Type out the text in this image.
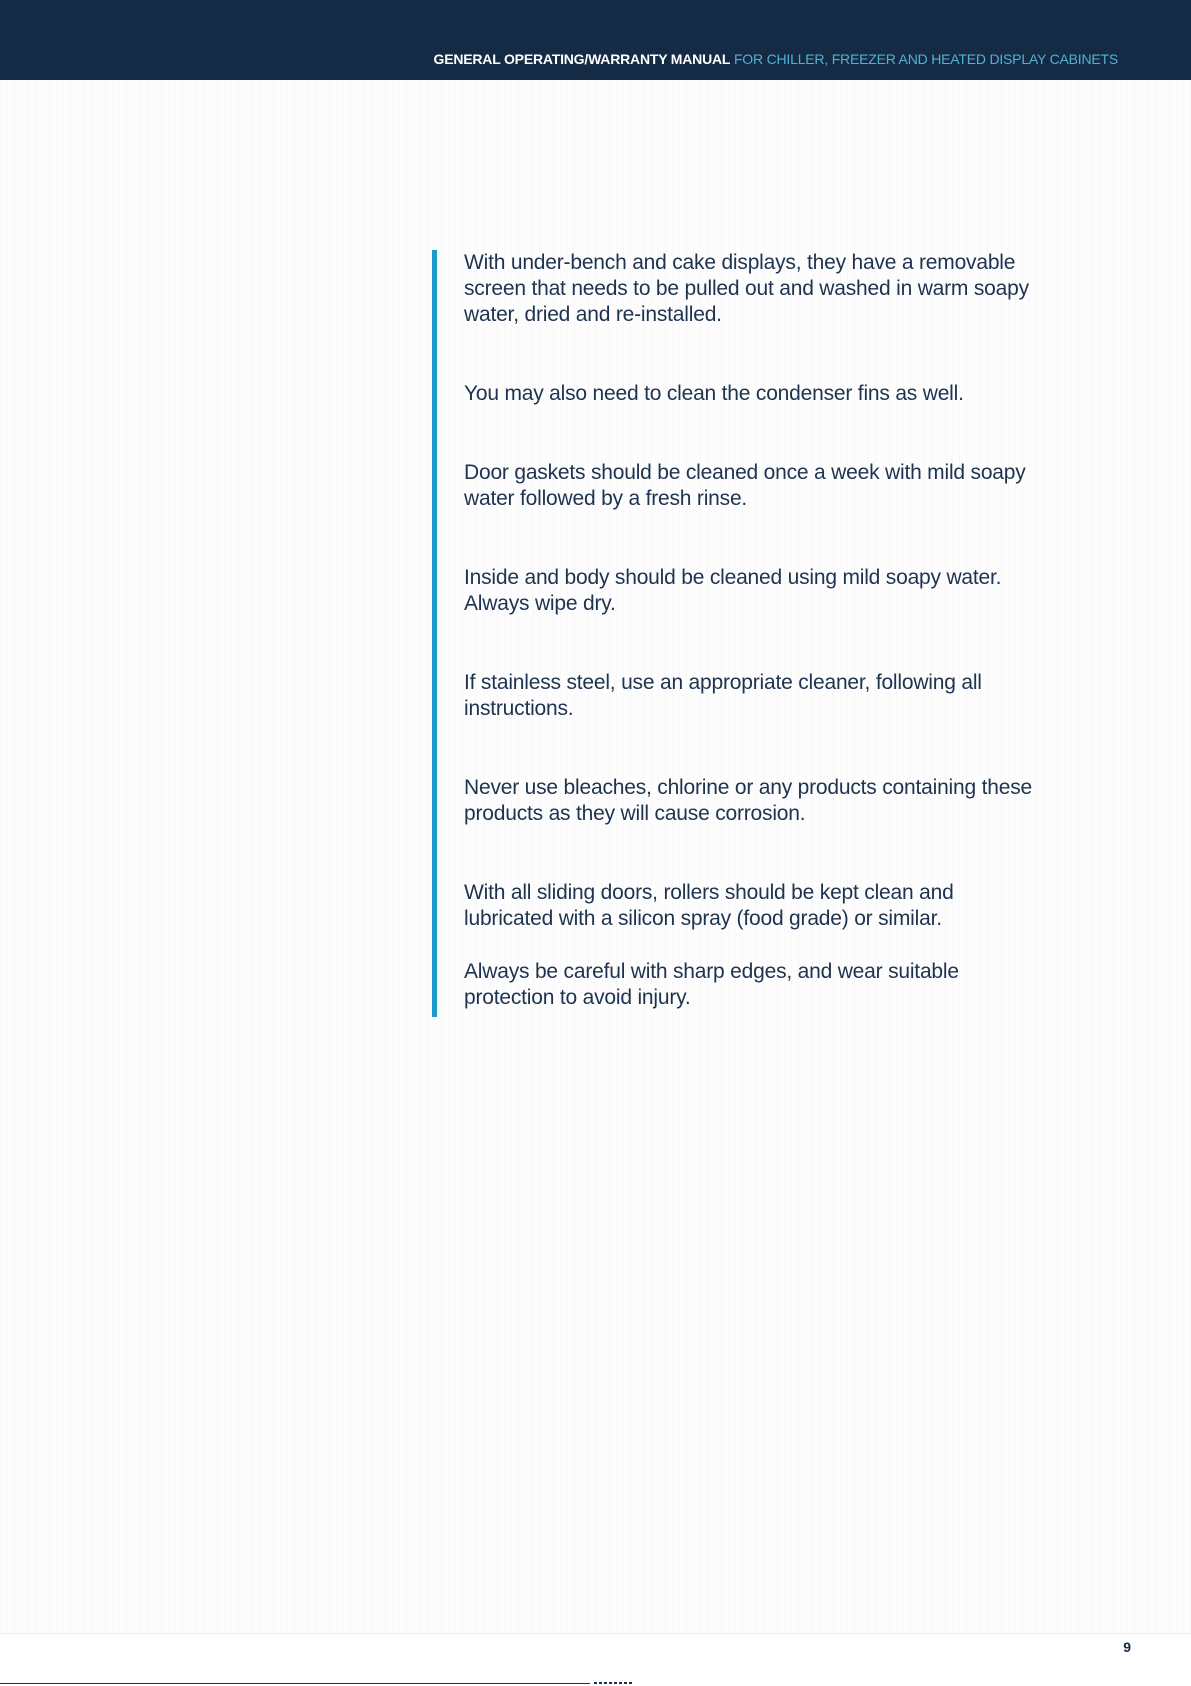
GENERAL OPERATING/WARRANTY MANUAL FOR CHILLER, FREEZER AND HEATED DISPLAY CABINETS

With under-bench and cake displays, they have a removable screen that needs to be pulled out and washed in warm soapy water, dried and re-installed.

You may also need to clean the condenser fins as well.

Door gaskets should be cleaned once a week with mild soapy water followed by a fresh rinse.

Inside and body should be cleaned using mild soapy water. Always wipe dry.

If stainless steel, use an appropriate cleaner, following all instructions.

Never use bleaches, chlorine or any products containing these products as they will cause corrosion.

With all sliding doors, rollers should be kept clean and lubricated with a silicon spray (food grade) or similar.

Always be careful with sharp edges, and wear suitable protection to avoid injury.

9
